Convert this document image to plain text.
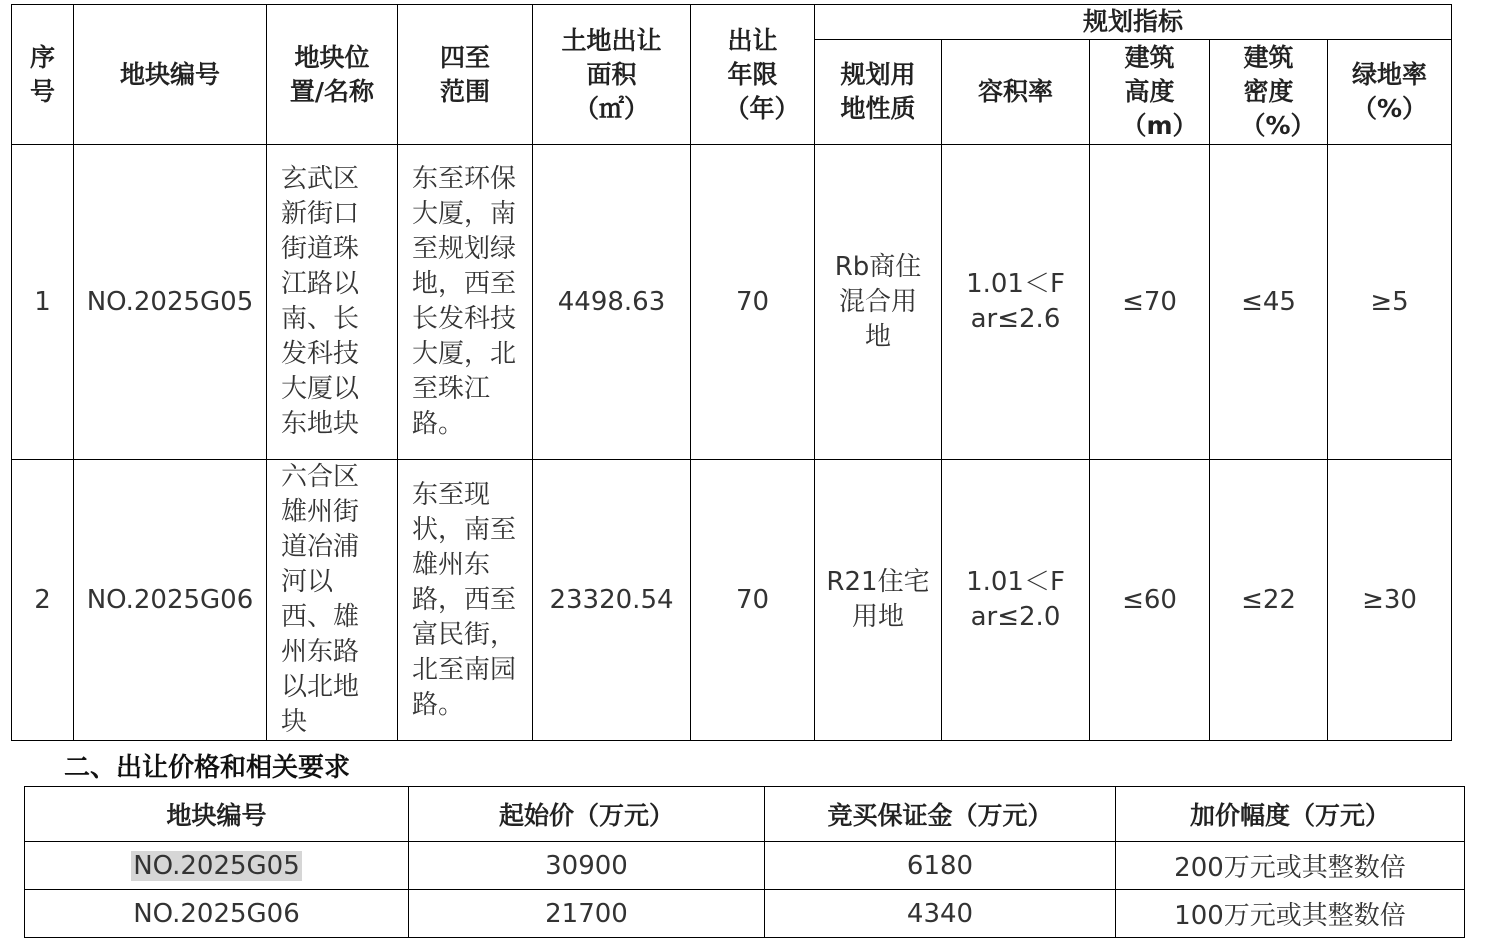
序号	地块编号	地块位置/名称	四至范围	土地出让面积（㎡）	出让年限（年）	规划指标				

						规划用地性质	容积率	建筑高度（m）	建筑密度（%）	绿地率（%）

1	NO.2025G05	玄武区新街口街道珠江路以南、长发科技大厦以东地块	东至环保大厦，南至规划绿地，西至长发科技大厦，北至珠江路。	4498.63	70	Rb商住混合用地	1.01＜Far≤2.6	≤70	≤45	≥5
2	NO.2025G06	六合区雄州街道冶浦河以西、雄州东路以北地块	东至现状，南至雄州东路，西至富民街，北至南园路。	23320.54	70	R21住宅用地	1.01＜Far≤2.0	≤60	≤22	≥30
二、出让价格和相关要求
地块编号	起始价（万元）	竞买保证金（万元）	加价幅度（万元）
NO.2025G05	30900	6180	200万元或其整数倍
NO.2025G06	21700	4340	100万元或其整数倍
